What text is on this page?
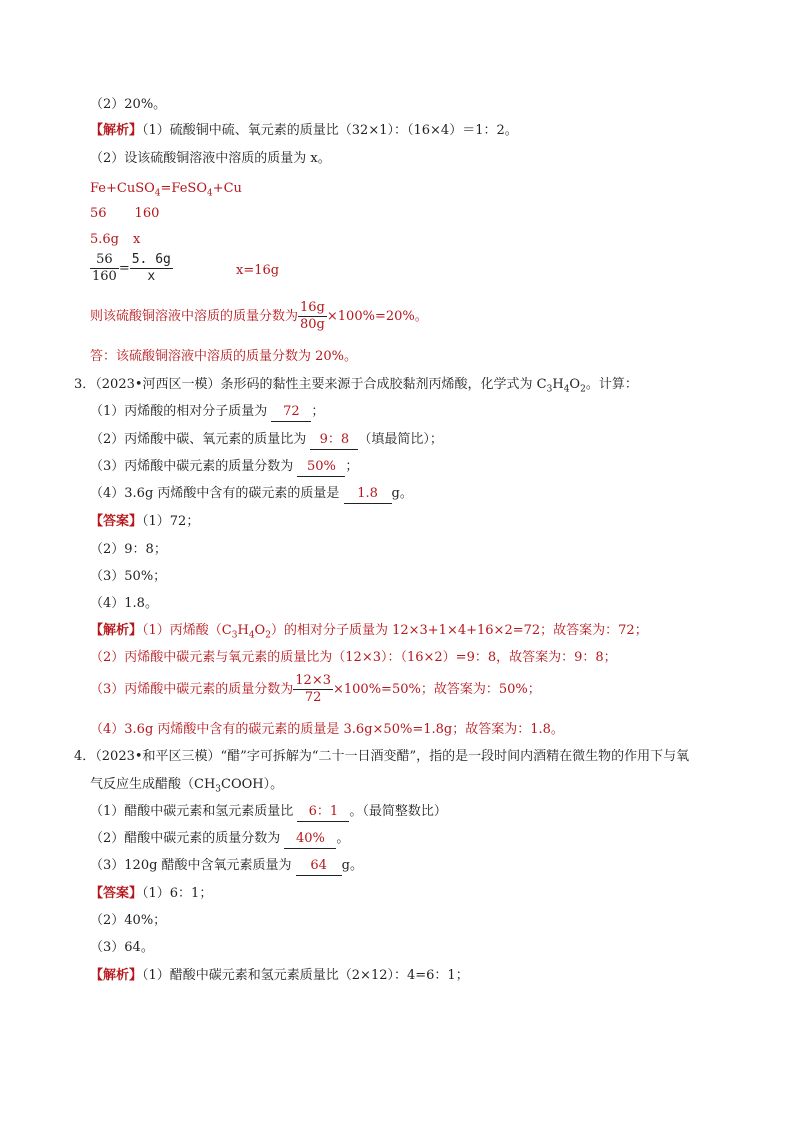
（2）20%。
【解析】（1）硫酸铜中硫、氧元素的质量比（32×1）：（16×4）＝1：2。
（2）设该硫酸铜溶液中溶质的质量为 x。
Fe+CuSO$_4$=FeSO$_4$+Cu
56 160
5.6g x
$\frac{56}{160} = \frac{5. 6g}{x}$	x=16g
则该硫酸铜溶液中溶质的质量分数为 $\frac{16g}{80g} \times 100\%=20\%$。
答：该硫酸铜溶液中溶质的质量分数为 20%。
3．（2023•河西区一模）条形码的黏性主要来源于合成胶黏剂丙烯酸，化学式为 $C_3H_4O_2$。计算：
（1）丙烯酸的相对分子质量为 72 ；
（2）丙烯酸中碳、氧元素的质量比为 9：8 （填最简比）；
（3）丙烯酸中碳元素的质量分数为 50% ；
（4）3.6g 丙烯酸中含有的碳元素的质量是 1.8 g。
【答案】（1）72；
（2）9：8；
（3）50%；
（4）1.8。
【解析】（1）丙烯酸$(C_3H_4O_2)$的相对分子质量为 12×3+1×4+16×2=72；故答案为：72；
（2）丙烯酸中碳元素与氧元素的质量比为（12×3）：（16×2）=9：8，故答案为：9：8；
（3）丙烯酸中碳元素的质量分数为 $\frac{12\times 3}{72} \times 100\%=50\%$；故答案为：50%；
（4）3.6g 丙烯酸中含有的碳元素的质量是 3.6g×50%=1.8g；故答案为：1.8。
4．（2023•和平区三模）“醋”字可拆解为“二十一日酒变醋”，指的是一段时间内酒精在微生物的作用下与氧
气反应生成醋酸$(CH_3COOH)$。
（1）醋酸中碳元素和氢元素质量比 6：1 。（最简整数比）
（2）醋酸中碳元素的质量分数为 40% 。
（3）120g 醋酸中含氧元素质量为 64 g。
【答案】（1）6：1；
（2）40%；
（3）64。
【解析】（1）醋酸中碳元素和氢元素质量比（2×12）：4=6：1；
